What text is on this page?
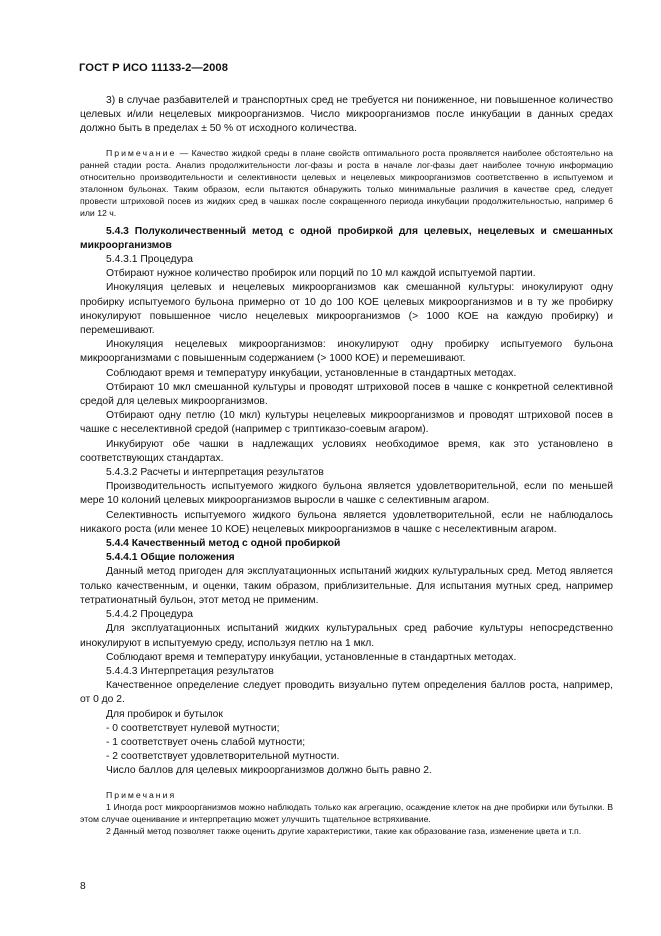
ГОСТ Р ИСО 11133-2—2008

3) в случае разбавителей и транспортных сред не требуется ни пониженное, ни повышенное количество целевых и/или нецелевых микроорганизмов. Число микроорганизмов после инкубации в данных средах должно быть в пределах ± 50 % от исходного количества.

Примечание — Качество жидкой среды в плане свойств оптимального роста проявляется наиболее обстоятельно на ранней стадии роста. Анализ продолжительности лог-фазы и роста в начале лог-фазы дает наиболее точную информацию относительно производительности и селективности целевых и нецелевых микроорганизмов соответственно в испытуемом и эталонном бульонах. Таким образом, если пытаются обнаружить только минимальные различия в качестве сред, следует провести штриховой посев из жидких сред в чашках после сокращенного периода инкубации продолжительностью, например 6 или 12 ч.

5.4.3 Полуколичественный метод с одной пробиркой для целевых, нецелевых и смешанных микроорганизмов

5.4.3.1 Процедура

Отбирают нужное количество пробирок или порций по 10 мл каждой испытуемой партии.

Инокуляция целевых и нецелевых микроорганизмов как смешанной культуры: инокулируют одну пробирку испытуемого бульона примерно от 10 до 100 КОЕ целевых микроорганизмов и в ту же пробирку инокулируют повышенное число нецелевых микроорганизмов (> 1000 КОЕ на каждую пробирку) и перемешивают.

Инокуляция нецелевых микроорганизмов: инокулируют одну пробирку испытуемого бульона микроорганизмами с повышенным содержанием (> 1000 КОЕ) и перемешивают.

Соблюдают время и температуру инкубации, установленные в стандартных методах.

Отбирают 10 мкл смешанной культуры и проводят штриховой посев в чашке с конкретной селективной средой для целевых микроорганизмов.

Отбирают одну петлю (10 мкл) культуры нецелевых микроорганизмов и проводят штриховой посев в чашке с неселективной средой (например с триптиказо-соевым агаром).

Инкубируют обе чашки в надлежащих условиях необходимое время, как это установлено в соответствующих стандартах.

5.4.3.2 Расчеты и интерпретация результатов

Производительность испытуемого жидкого бульона является удовлетворительной, если по меньшей мере 10 колоний целевых микроорганизмов выросли в чашке с селективным агаром.

Селективность испытуемого жидкого бульона является удовлетворительной, если не наблюдалось никакого роста (или менее 10 КОЕ) нецелевых микроорганизмов в чашке с неселективным агаром.

5.4.4 Качественный метод с одной пробиркой

5.4.4.1 Общие положения

Данный метод пригоден для эксплуатационных испытаний жидких культуральных сред. Метод является только качественным, и оценки, таким образом, приблизительные. Для испытания мутных сред, например тетратионатный бульон, этот метод не применим.

5.4.4.2 Процедура

Для эксплуатационных испытаний жидких культуральных сред рабочие культуры непосредственно инокулируют в испытуемую среду, используя петлю на 1 мкл.

Соблюдают время и температуру инкубации, установленные в стандартных методах.

5.4.4.3 Интерпретация результатов

Качественное определение следует проводить визуально путем определения баллов роста, например, от 0 до 2.

Для пробирок и бутылок

- 0 соответствует нулевой мутности;

- 1 соответствует очень слабой мутности;

- 2 соответствует удовлетворительной мутности.

Число баллов для целевых микроорганизмов должно быть равно 2.

Примечания

1 Иногда рост микроорганизмов можно наблюдать только как агрегацию, осаждение клеток на дне пробирки или бутылки. В этом случае оценивание и интерпретацию может улучшить тщательное встряхивание.

2 Данный метод позволяет также оценить другие характеристики, такие как образование газа, изменение цвета и т.п.

8
